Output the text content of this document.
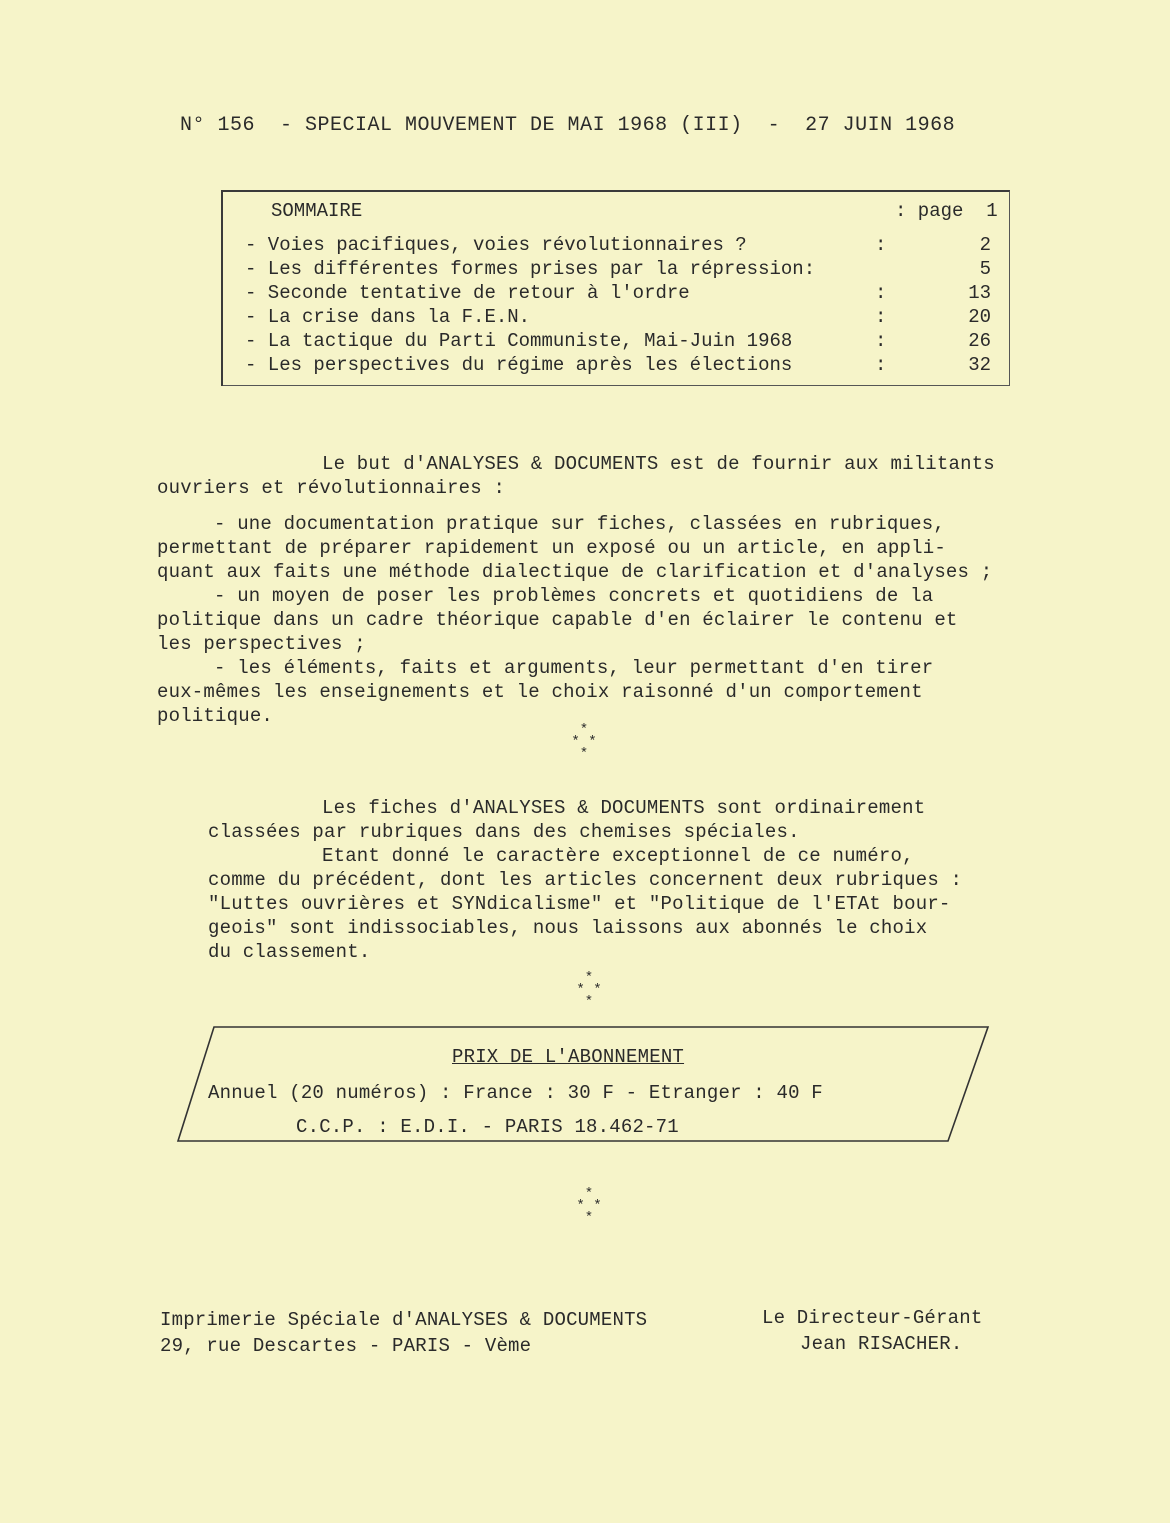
N° 156  - SPECIAL MOUVEMENT DE MAI 1968 (III)  -  27 JUIN 1968
SOMMAIRE	: page  1
- Voies pacifiques, voies révolutionnaires ?	:	2
- Les différentes formes prises par la répression:	5
- Seconde tentative de retour à l'ordre	:	13
- La crise dans la F.E.N.	:	20
- La tactique du Parti Communiste, Mai-Juin 1968	:	26
- Les perspectives du régime après les élections	:	32
Le but d'ANALYSES & DOCUMENTS est de fournir aux militants
ouvriers et révolutionnaires :
- une documentation pratique sur fiches, classées en rubriques,
permettant de préparer rapidement un exposé ou un article, en appli-
quant aux faits une méthode dialectique de clarification et d'analyses ;
- un moyen de poser les problèmes concrets et quotidiens de la
politique dans un cadre théorique capable d'en éclairer le contenu et
les perspectives ;
- les éléments, faits et arguments, leur permettant d'en tirer
eux-mêmes les enseignements et le choix raisonné d'un comportement
politique.
*
* *
*
Les fiches d'ANALYSES & DOCUMENTS sont ordinairement
classées par rubriques dans des chemises spéciales.
Etant donné le caractère exceptionnel de ce numéro,
comme du précédent, dont les articles concernent deux rubriques :
"Luttes ouvrières et SYNdicalisme" et "Politique de l'ETAt bour-
geois" sont indissociables, nous laissons aux abonnés le choix
du classement.
*
* *
*
PRIX DE L'ABONNEMENT
Annuel (20 numéros) : France : 30 F - Etranger : 40 F
C.C.P. : E.D.I. - PARIS 18.462-71
*
* *
*
Imprimerie Spéciale d'ANALYSES & DOCUMENTS
29, rue Descartes - PARIS - Vème
Le Directeur-Gérant
Jean RISACHER.
